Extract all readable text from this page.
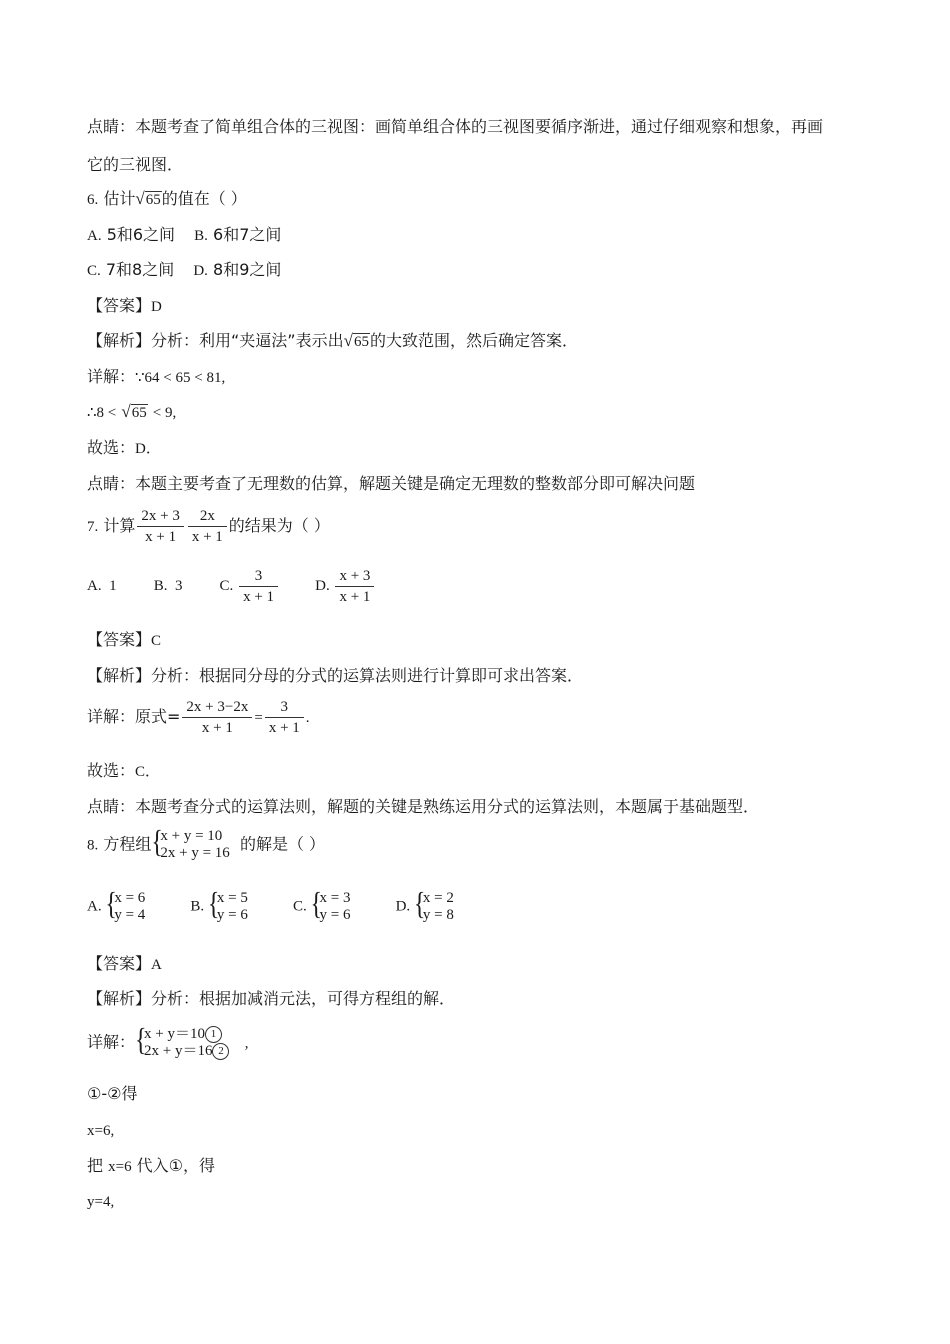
点睛：本题考查了简单组合体的三视图：画简单组合体的三视图要循序渐进，通过仔细观察和想象，再画
它的三视图．
6. 估计√65的值在（ ）
A. 5和6之间 B. 6和7之间
C. 7和8之间 D. 8和9之间
【答案】D
【解析】分析：利用“夹逼法”表示出√65的大致范围，然后确定答案．
详解：∵64 < 65 < 81,
∴8 < √65 < 9,
故选：D．
点睛：本题主要考查了无理数的估算，解题关键是确定无理数的整数部分即可解决问题
7. 计算 $\frac{2x + 3}{x + 1} \frac{2x}{x + 1}$ 的结果为（ ）
A. 1 B. 3 C. $\frac{3}{x + 1} D$. $\frac{x + 3}{x + 1}$
【答案】C
【解析】分析：根据同分母的分式的运算法则进行计算即可求出答案．
详解：原式= $\frac{2x + 3-2x}{x + 1} = \frac{3}{x + 1}$ .
故选：C．
点睛：本题考查分式的运算法则，解题的关键是熟练运用分式的运算法则，本题属于基础题型．
8. 方程组 {
x + y = 10
2x + y = 16 的解是（ ）
A. {
x = 6
y = 4
B. {
x = 5
y = 6
C. {
x = 3
y = 6
D. {
x = 2
y = 8
【答案】A
【解析】分析：根据加减消元法，可得方程组的解．
详解： {
x + y＝10 1
2x + y＝16 2	,
①-②得
x=6,
把 x=6 代入①，得
y=4,
